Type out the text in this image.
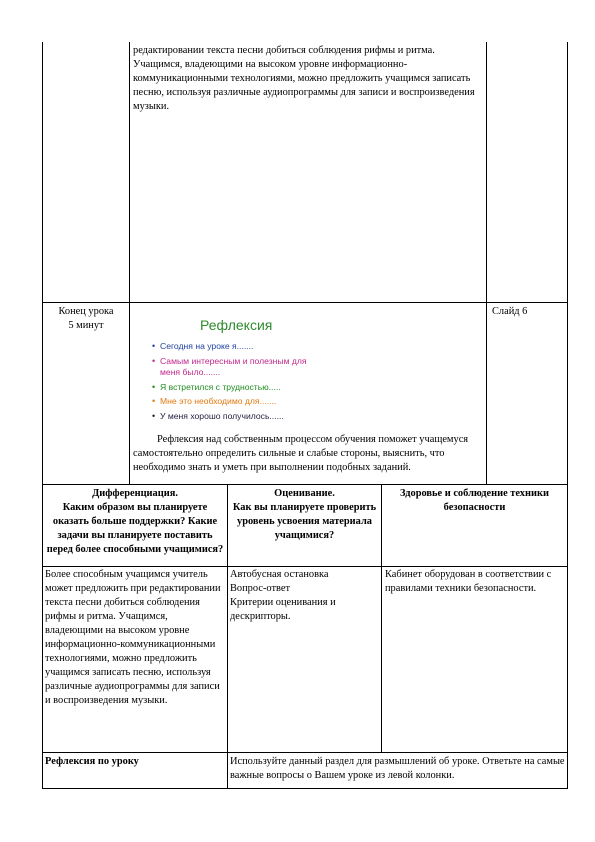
редактировании текста песни добиться соблюдения рифмы и ритма. Учащимся, владеющими на высоком уровне информационно-коммуникационными технологиями, можно предложить учащимся записать песню, используя различные аудиопрограммы для записи и воспроизведения музыки.
Конец урока
5 минут
Слайд 6
Рефлексия
• Сегодня на уроке я.......
• Самым интересным и полезным для меня было.......
• Я встретился с трудностью.....
• Мне это необходимо для.......
• У меня хорошо получилось......
Рефлексия над собственным процессом обучения поможет учащемуся самостоятельно определить сильные и слабые стороны, выяснить, что необходимо знать и уметь при выполнении подобных заданий.
Дифференциация.
Каким образом вы планируете оказать больше поддержки? Какие задачи вы планируете поставить перед более способными учащимися?
Оценивание.
Как вы планируете проверить уровень усвоения материала учащимися?
Здоровье и соблюдение техники безопасности
Более способным учащимся учитель может предложить при редактировании текста песни добиться соблюдения рифмы и ритма. Учащимся, владеющими на высоком уровне информационно-коммуникационными технологиями, можно предложить учащимся записать песню, используя различные аудиопрограммы для записи и воспроизведения музыки.
Автобусная остановка
Вопрос-ответ
Критерии оценивания и дескрипторы.
Кабинет оборудован в соответствии с правилами техники безопасности.
Рефлексия по уроку	Используйте данный раздел для размышлений об уроке. Ответьте на самые важные вопросы о Вашем уроке из левой колонки.
